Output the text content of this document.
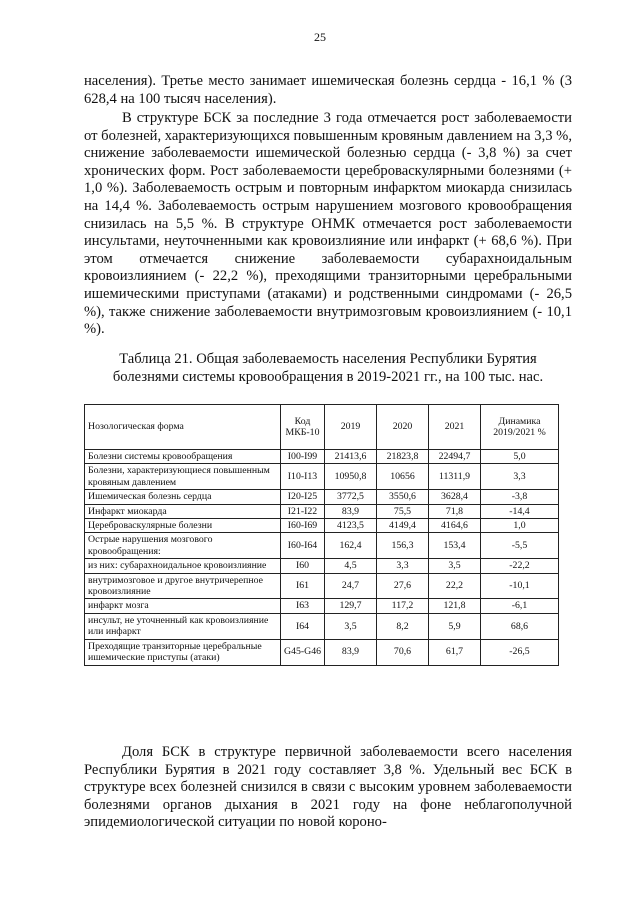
25

населения). Третье место занимает ишемическая болезнь сердца - 16,1 % (3 628,4 на 100 тысяч населения).

В структуре БСК за последние 3 года отмечается рост заболеваемости от болезней, характеризующихся повышенным кровяным давлением на 3,3 %, снижение заболеваемости ишемической болезнью сердца (- 3,8 %) за счет хронических форм. Рост заболеваемости цереброваскулярными болезнями (+ 1,0 %). Заболеваемость острым и повторным инфарктом миокарда снизилась на 14,4 %. Заболеваемость острым нарушением мозгового кровообращения снизилась на 5,5 %. В структуре ОНМК отмечается рост заболеваемости инсультами, неуточненными как кровоизлияние или инфаркт (+ 68,6 %). При этом отмечается снижение заболеваемости субарахноидальным кровоизлиянием (- 22,2 %), преходящими транзиторными церебральными ишемическими приступами (атаками) и родственными синдромами (- 26,5 %), также снижение заболеваемости внутримозговым кровоизлиянием (- 10,1 %).

Таблица 21. Общая заболеваемость населения Республики Бурятия
болезнями системы кровообращения в 2019-2021 гг., на 100 тыс. нас.
Нозологическая форма	Код МКБ-10	2019	2020	2021	Динамика 2019/2021 %
Болезни системы кровообращения	I00-I99	21413,6	21823,8	22494,7	5,0
Болезни, характеризующиеся повышенным кровяным давлением	I10-I13	10950,8	10656	11311,9	3,3
Ишемическая болезнь сердца	I20-I25	3772,5	3550,6	3628,4	-3,8
Инфаркт миокарда	I21-I22	83,9	75,5	71,8	-14,4
Цереброваскулярные болезни	I60-I69	4123,5	4149,4	4164,6	1,0
Острые нарушения мозгового кровообращения:	I60-I64	162,4	156,3	153,4	-5,5
из них: субарахноидальное кровоизлияние	I60	4,5	3,3	3,5	-22,2
внутримозговое и другое внутричерепное кровоизлияние	I61	24,7	27,6	22,2	-10,1
инфаркт мозга	I63	129,7	117,2	121,8	-6,1
инсульт, не уточненный как кровоизлияние или инфаркт	I64	3,5	8,2	5,9	68,6
Преходящие транзиторные церебральные ишемические приступы (атаки)	G45-G46	83,9	70,6	61,7	-26,5

Доля БСК в структуре первичной заболеваемости всего населения Республики Бурятия в 2021 году составляет 3,8 %. Удельный вес БСК в структуре всех болезней снизился в связи с высоким уровнем заболеваемости болезнями органов дыхания в 2021 году на фоне неблагополучной эпидемиологической ситуации по новой короно-
